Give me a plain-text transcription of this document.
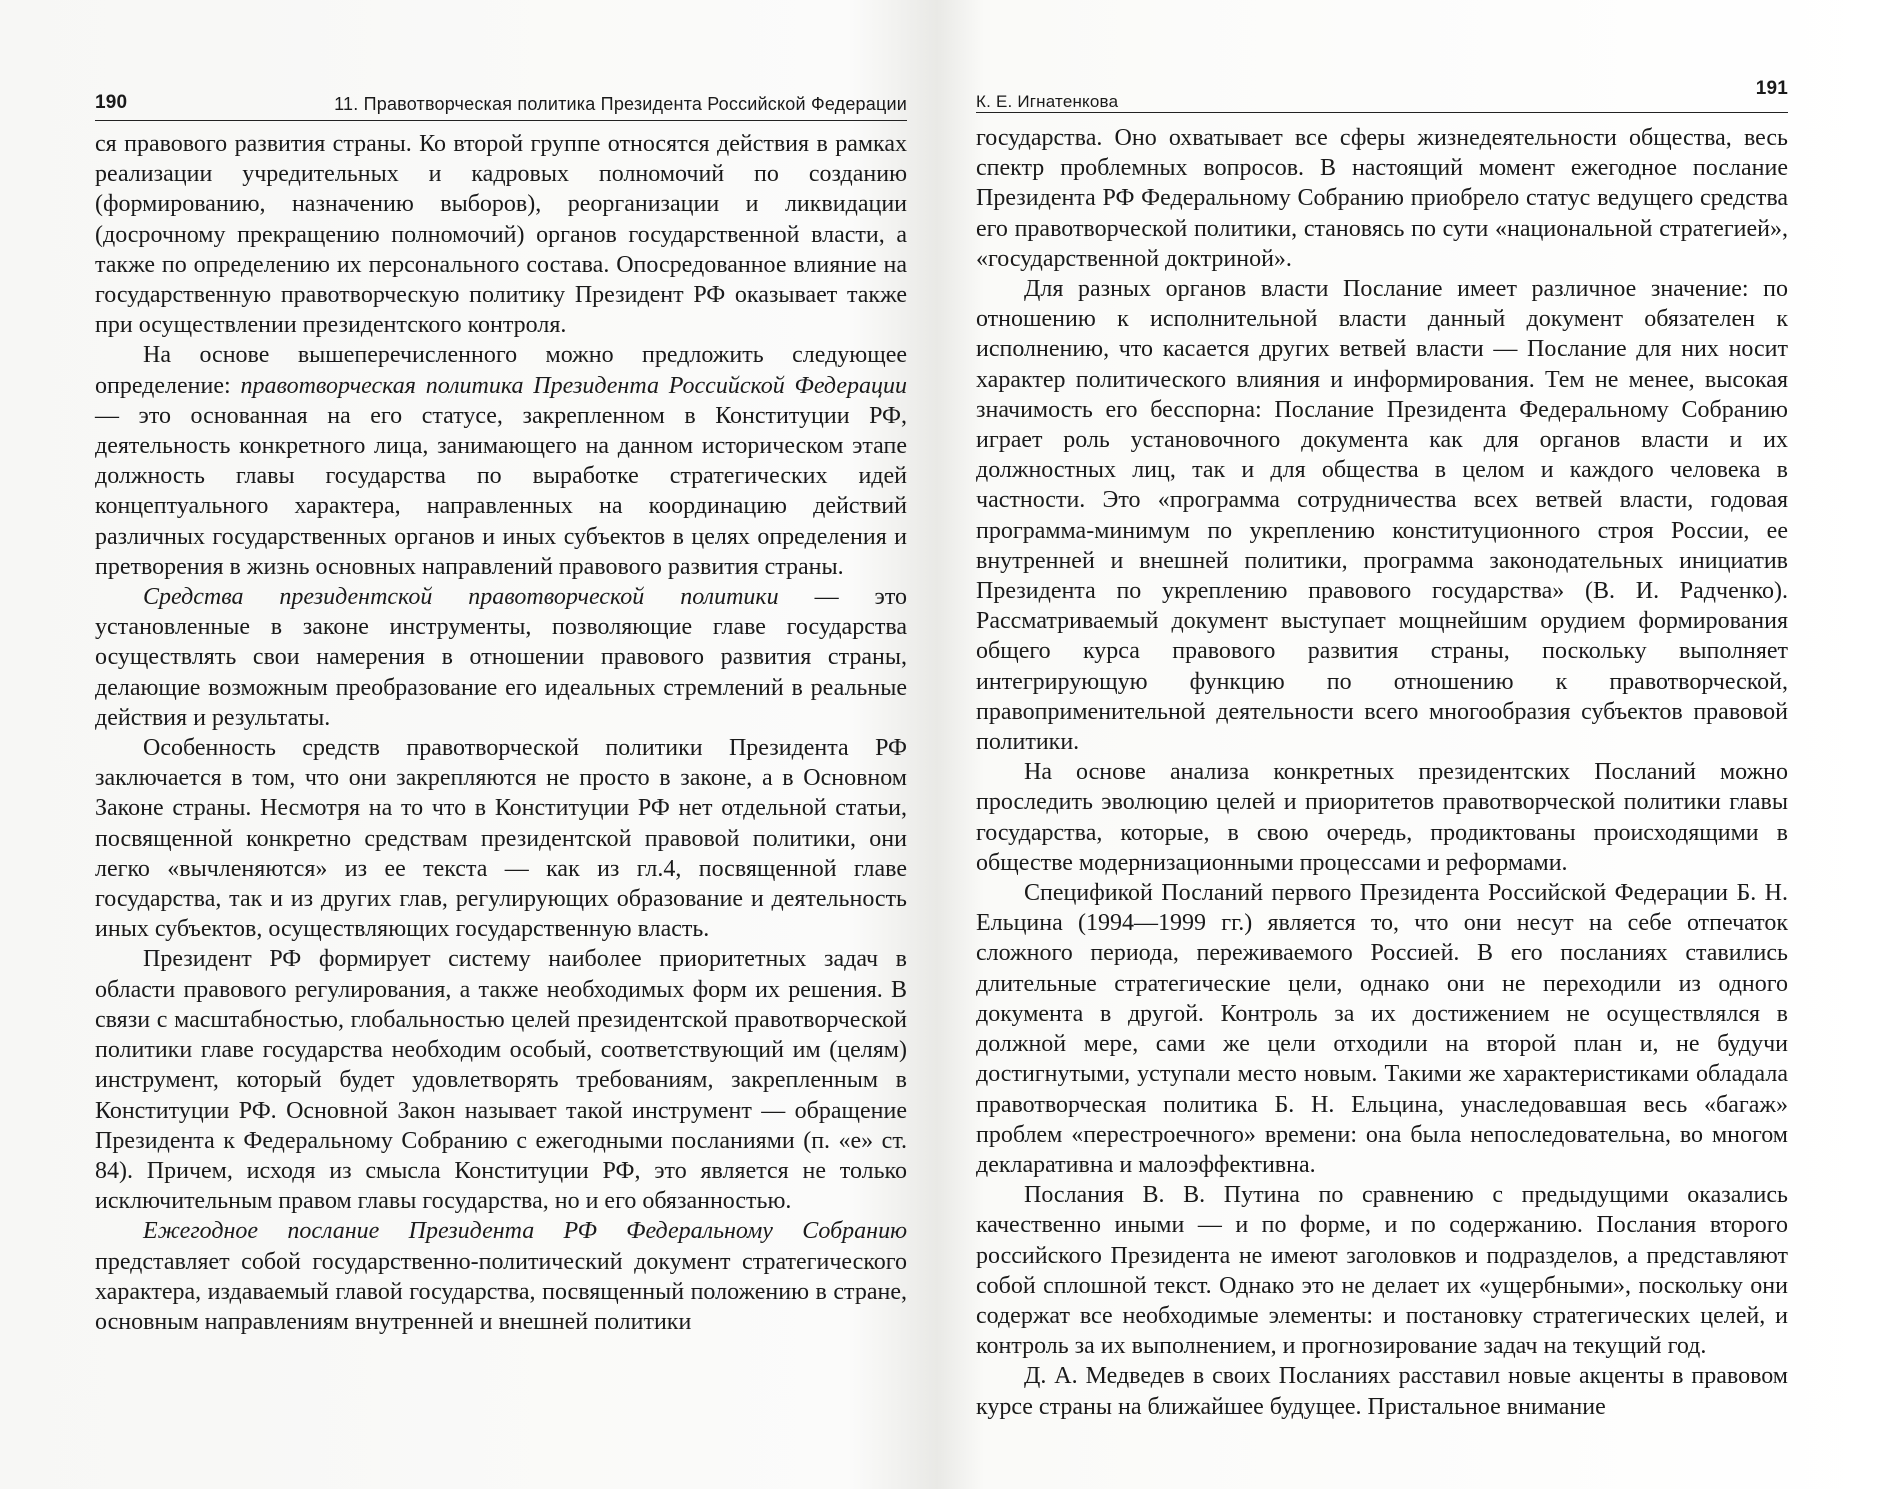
190	11. Правотворческая политика Президента Российской Федерации

ся правового развития страны. Ко второй группе относятся действия в рамках реализации учредительных и кадровых полномочий по созданию (формированию, назначению выборов), реорганизации и ликвидации (досрочному прекращению полномочий) органов государственной власти, а также по определению их персонального состава. Опосредованное влияние на государственную правотворческую политику Президент РФ оказывает также при осуществлении президентского контроля.

На основе вышеперечисленного можно предложить следующее определение: правотворческая политика Президента Российской Федерации — это основанная на его статусе, закрепленном в Конституции РФ, деятельность конкретного лица, занимающего на данном историческом этапе должность главы государства по выработке стратегических идей концептуального характера, направленных на координацию действий различных государственных органов и иных субъектов в целях определения и претворения в жизнь основных направлений правового развития страны.

Средства президентской правотворческой политики — это установленные в законе инструменты, позволяющие главе государства осуществлять свои намерения в отношении правового развития страны, делающие возможным преобразование его идеальных стремлений в реальные действия и результаты.

Особенность средств правотворческой политики Президента РФ заключается в том, что они закрепляются не просто в законе, а в Основном Законе страны. Несмотря на то что в Конституции РФ нет отдельной статьи, посвященной конкретно средствам президентской правовой политики, они легко «вычленяются» из ее текста — как из гл.4, посвященной главе государства, так и из других глав, регулирующих образование и деятельность иных субъектов, осуществляющих государственную власть.

Президент РФ формирует систему наиболее приоритетных задач в области правового регулирования, а также необходимых форм их решения. В связи с масштабностью, глобальностью целей президентской правотворческой политики главе государства необходим особый, соответствующий им (целям) инструмент, который будет удовлетворять требованиям, закрепленным в Конституции РФ. Основной Закон называет такой инструмент — обращение Президента к Федеральному Собранию с ежегодными посланиями (п. «е» ст. 84). Причем, исходя из смысла Конституции РФ, это является не только исключительным правом главы государства, но и его обязанностью.

Ежегодное послание Президента РФ Федеральному Собранию представляет собой государственно-политический документ стратегического характера, издаваемый главой государства, посвященный положению в стране, основным направлениям внутренней и внешней политики

К. Е. Игнатенкова
191

государства. Оно охватывает все сферы жизнедеятельности общества, весь спектр проблемных вопросов. В настоящий момент ежегодное послание Президента РФ Федеральному Собранию приобрело статус ведущего средства его правотворческой политики, становясь по сути «национальной стратегией», «государственной доктриной».

Для разных органов власти Послание имеет различное значение: по отношению к исполнительной власти данный документ обязателен к исполнению, что касается других ветвей власти — Послание для них носит характер политического влияния и информирования. Тем не менее, высокая значимость его бесспорна: Послание Президента Федеральному Собранию играет роль установочного документа как для органов власти и их должностных лиц, так и для общества в целом и каждого человека в частности. Это «программа сотрудничества всех ветвей власти, годовая программа-минимум по укреплению конституционного строя России, ее внутренней и внешней политики, программа законодательных инициатив Президента по укреплению правового государства» (В. И. Радченко). Рассматриваемый документ выступает мощнейшим орудием формирования общего курса правового развития страны, поскольку выполняет интегрирующую функцию по отношению к правотворческой, правоприменительной деятельности всего многообразия субъектов правовой политики.

На основе анализа конкретных президентских Посланий можно проследить эволюцию целей и приоритетов правотворческой политики главы государства, которые, в свою очередь, продиктованы происходящими в обществе модернизационными процессами и реформами.

Спецификой Посланий первого Президента Российской Федерации Б. Н. Ельцина (1994—1999 гг.) является то, что они несут на себе отпечаток сложного периода, переживаемого Россией. В его посланиях ставились длительные стратегические цели, однако они не переходили из одного документа в другой. Контроль за их достижением не осуществлялся в должной мере, сами же цели отходили на второй план и, не будучи достигнутыми, уступали место новым. Такими же характеристиками обладала правотворческая политика Б. Н. Ельцина, унаследовавшая весь «багаж» проблем «перестроечного» времени: она была непоследовательна, во многом декларативна и малоэффективна.

Послания В. В. Путина по сравнению с предыдущими оказались качественно иными — и по форме, и по содержанию. Послания второго российского Президента не имеют заголовков и подразделов, а представляют собой сплошной текст. Однако это не делает их «ущербными», поскольку они содержат все необходимые элементы: и постановку стратегических целей, и контроль за их выполнением, и прогнозирование задач на текущий год.

Д. А. Медведев в своих Посланиях расставил новые акценты в правовом курсе страны на ближайшее будущее. Пристальное внимание
